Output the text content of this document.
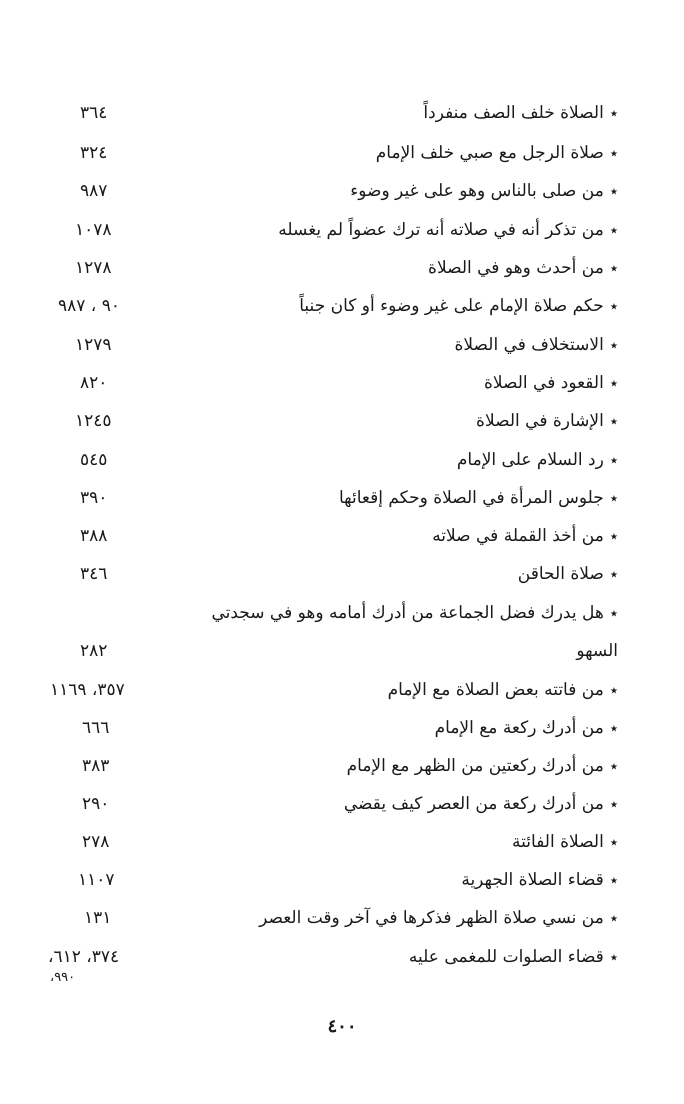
٭الصلاة خلف الصف منفرداً
٣٦٤
٭صلاة الرجل مع صبي خلف الإمام
٣٢٤
٭من صلى بالناس وهو على غير وضوء
٩٨٧
٭من تذكر أنه في صلاته أنه ترك عضواً لم يغسله
١٠٧٨
٭من أحدث وهو في الصلاة
١٢٧٨
٭حكم صلاة الإمام على غير وضوء أو كان جنباً
٩٠ ، ٩٨٧
٭الاستخلاف في الصلاة
١٢٧٩
٭القعود في الصلاة
٨٢٠
٭الإشارة في الصلاة
١٢٤٥
٭رد السلام على الإمام
٥٤٥
٭جلوس المرأة في الصلاة وحكم إقعائها
٣٩٠
٭من أخذ القملة في صلاته
٣٨٨
٭صلاة الحاقن
٣٤٦
٭هل يدرك فضل الجماعة من أدرك أمامه وهو في سجدتي
السهو
٢٨٢
٭من فاتته بعض الصلاة مع الإمام
٣٥٧، ١١٦٩
٭من أدرك ركعة مع الإمام
٦٦٦
٭من أدرك ركعتين من الظهر مع الإمام
٣٨٣
٭من أدرك ركعة من العصر كيف يقضي
٢٩٠
٭الصلاة الفائتة
٢٧٨
٭قضاء الصلاة الجهرية
١١٠٧
٭من نسي صلاة الظهر فذكرها في آخر وقت العصر
١٣١
٭قضاء الصلوات للمغمى عليه
٣٧٤، ٦١٢،
٩٩٠،
٤٠٠
